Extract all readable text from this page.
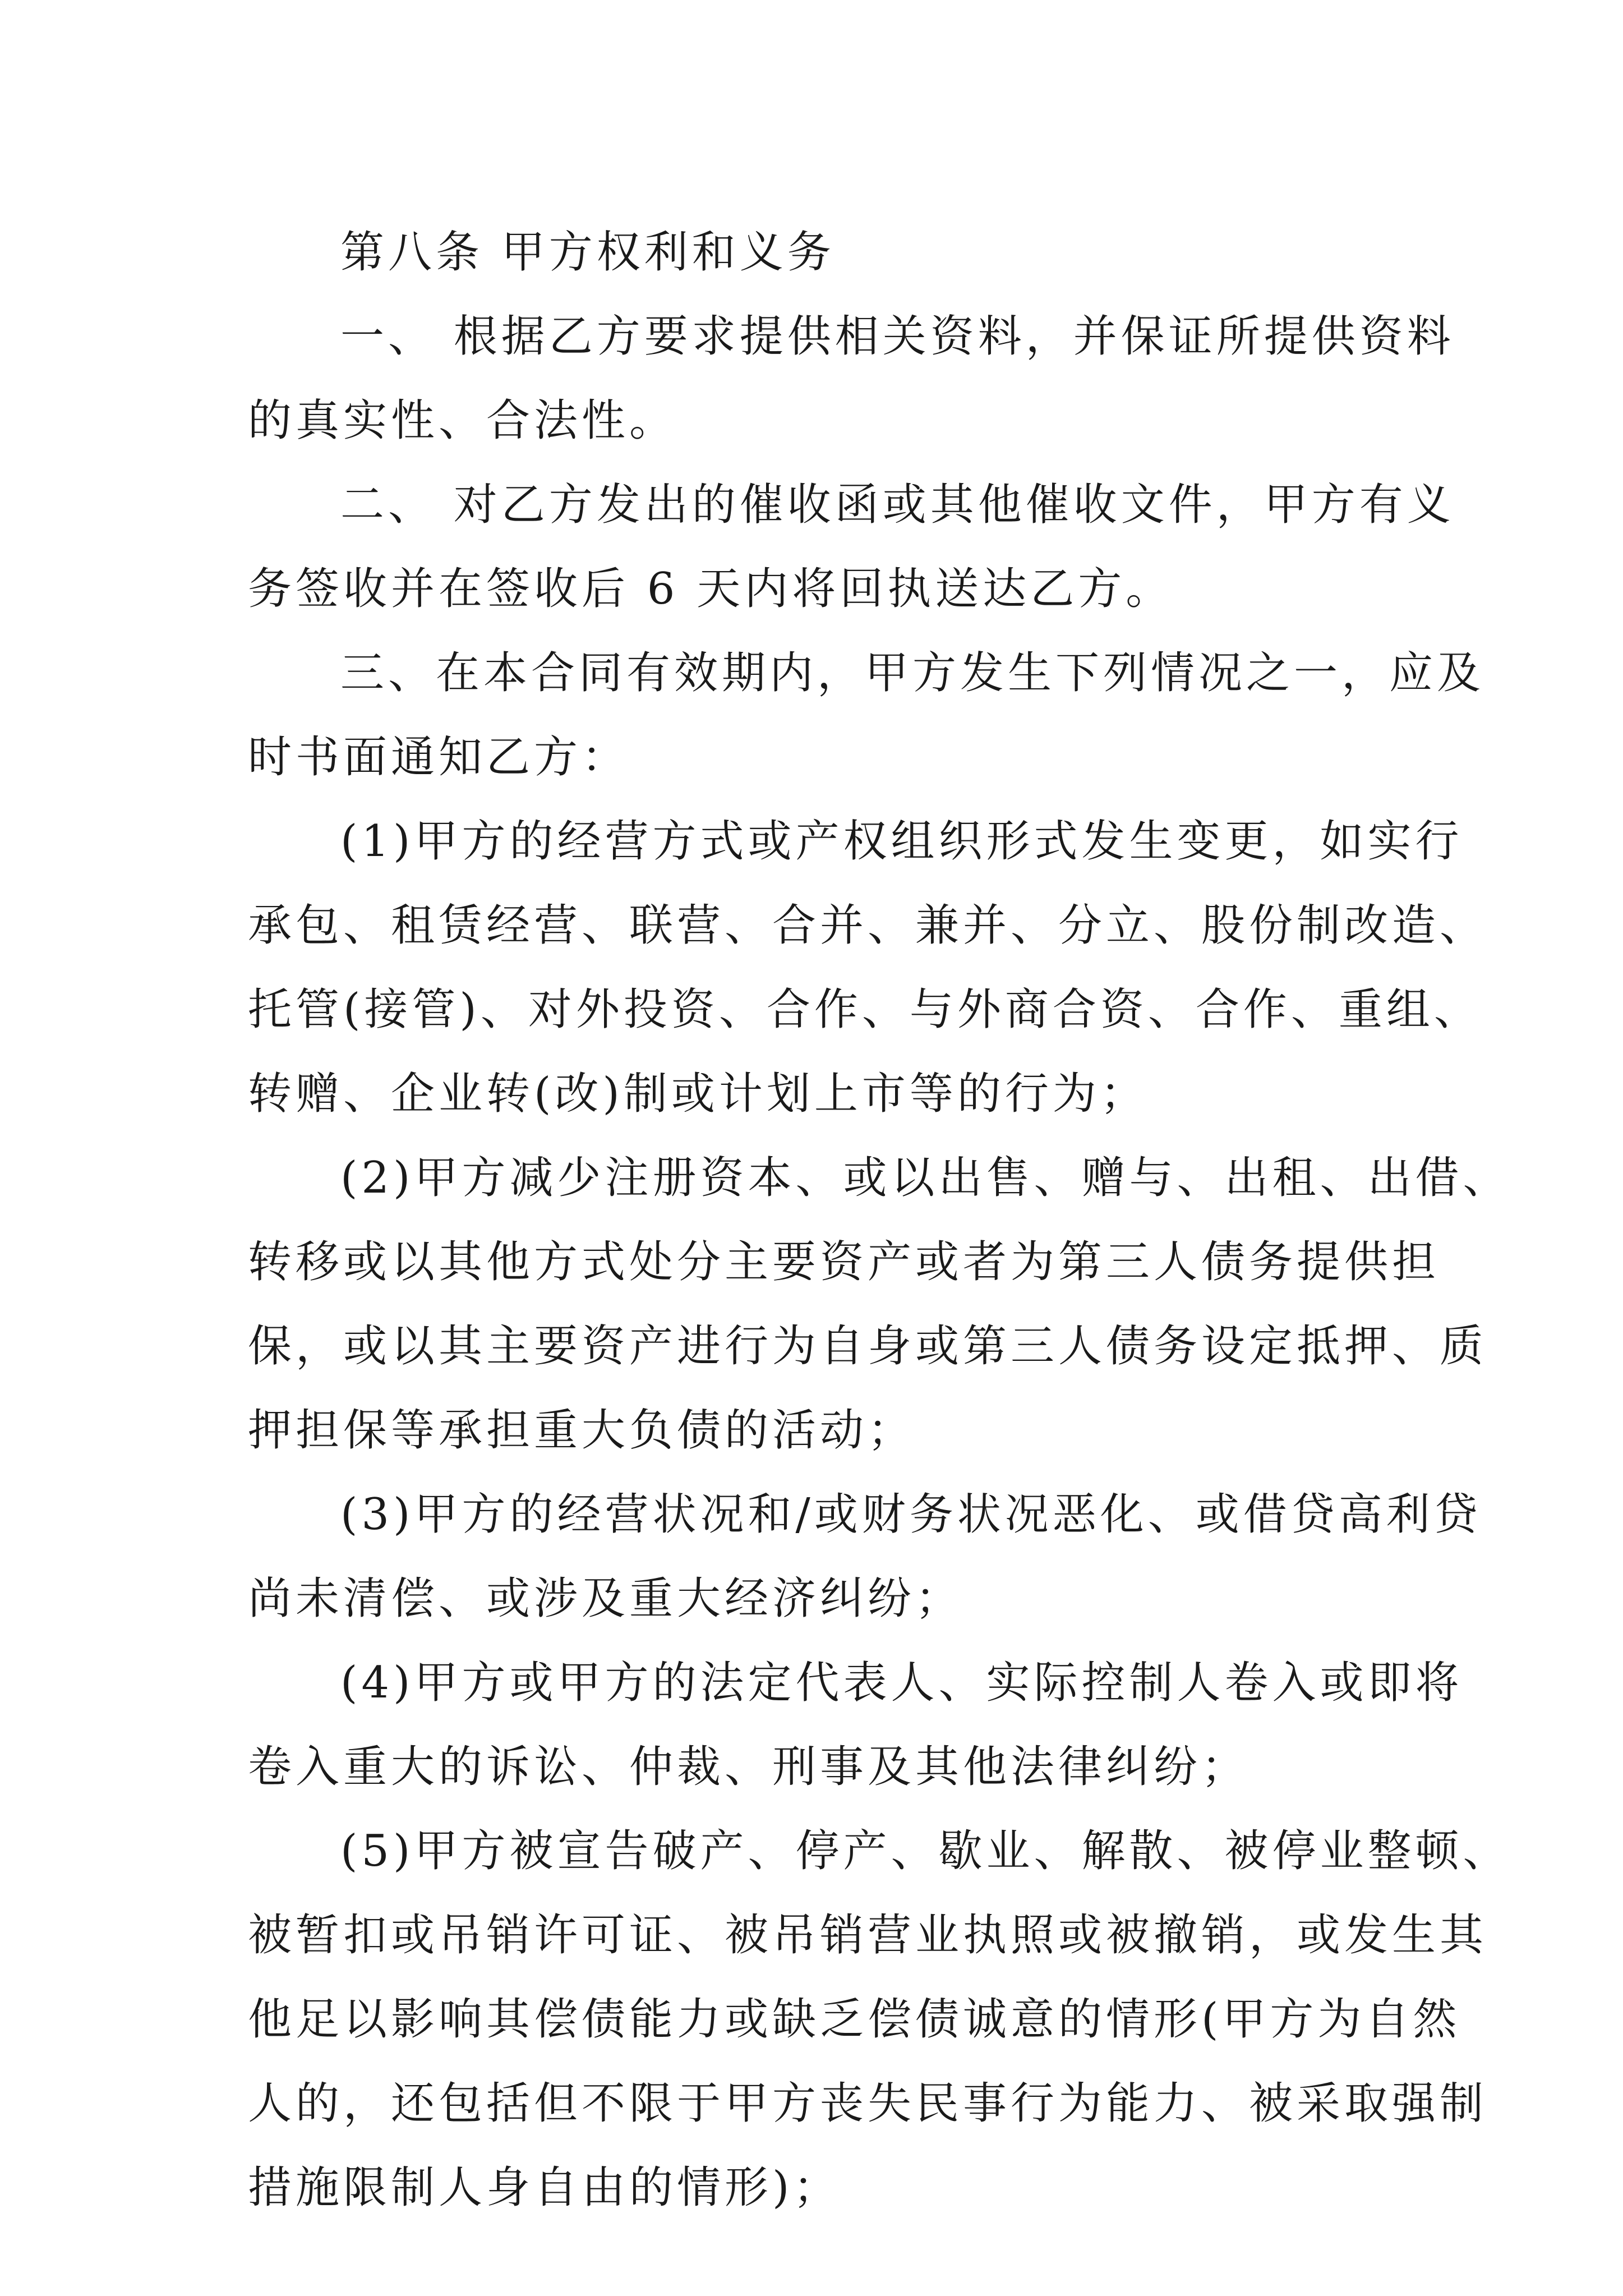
第八条 甲方权利和义务
一、 根据乙方要求提供相关资料，并保证所提供资料
的真实性、合法性。
二、 对乙方发出的催收函或其他催收文件，甲方有义
务签收并在签收后 6 天内将回执送达乙方。
三、在本合同有效期内，甲方发生下列情况之一，应及
时书面通知乙方：
(1)甲方的经营方式或产权组织形式发生变更，如实行
承包、租赁经营、联营、合并、兼并、分立、股份制改造、
托管(接管)、对外投资、合作、与外商合资、合作、重组、
转赠、企业转(改)制或计划上市等的行为；
(2)甲方减少注册资本、或以出售、赠与、出租、出借、
转移或以其他方式处分主要资产或者为第三人债务提供担
保，或以其主要资产进行为自身或第三人债务设定抵押、质
押担保等承担重大负债的活动；
(3)甲方的经营状况和/或财务状况恶化、或借贷高利贷
尚未清偿、或涉及重大经济纠纷；
(4)甲方或甲方的法定代表人、实际控制人卷入或即将
卷入重大的诉讼、仲裁、刑事及其他法律纠纷；
(5)甲方被宣告破产、停产、歇业、解散、被停业整顿、
被暂扣或吊销许可证、被吊销营业执照或被撤销，或发生其
他足以影响其偿债能力或缺乏偿债诚意的情形(甲方为自然
人的，还包括但不限于甲方丧失民事行为能力、被采取强制
措施限制人身自由的情形)；
